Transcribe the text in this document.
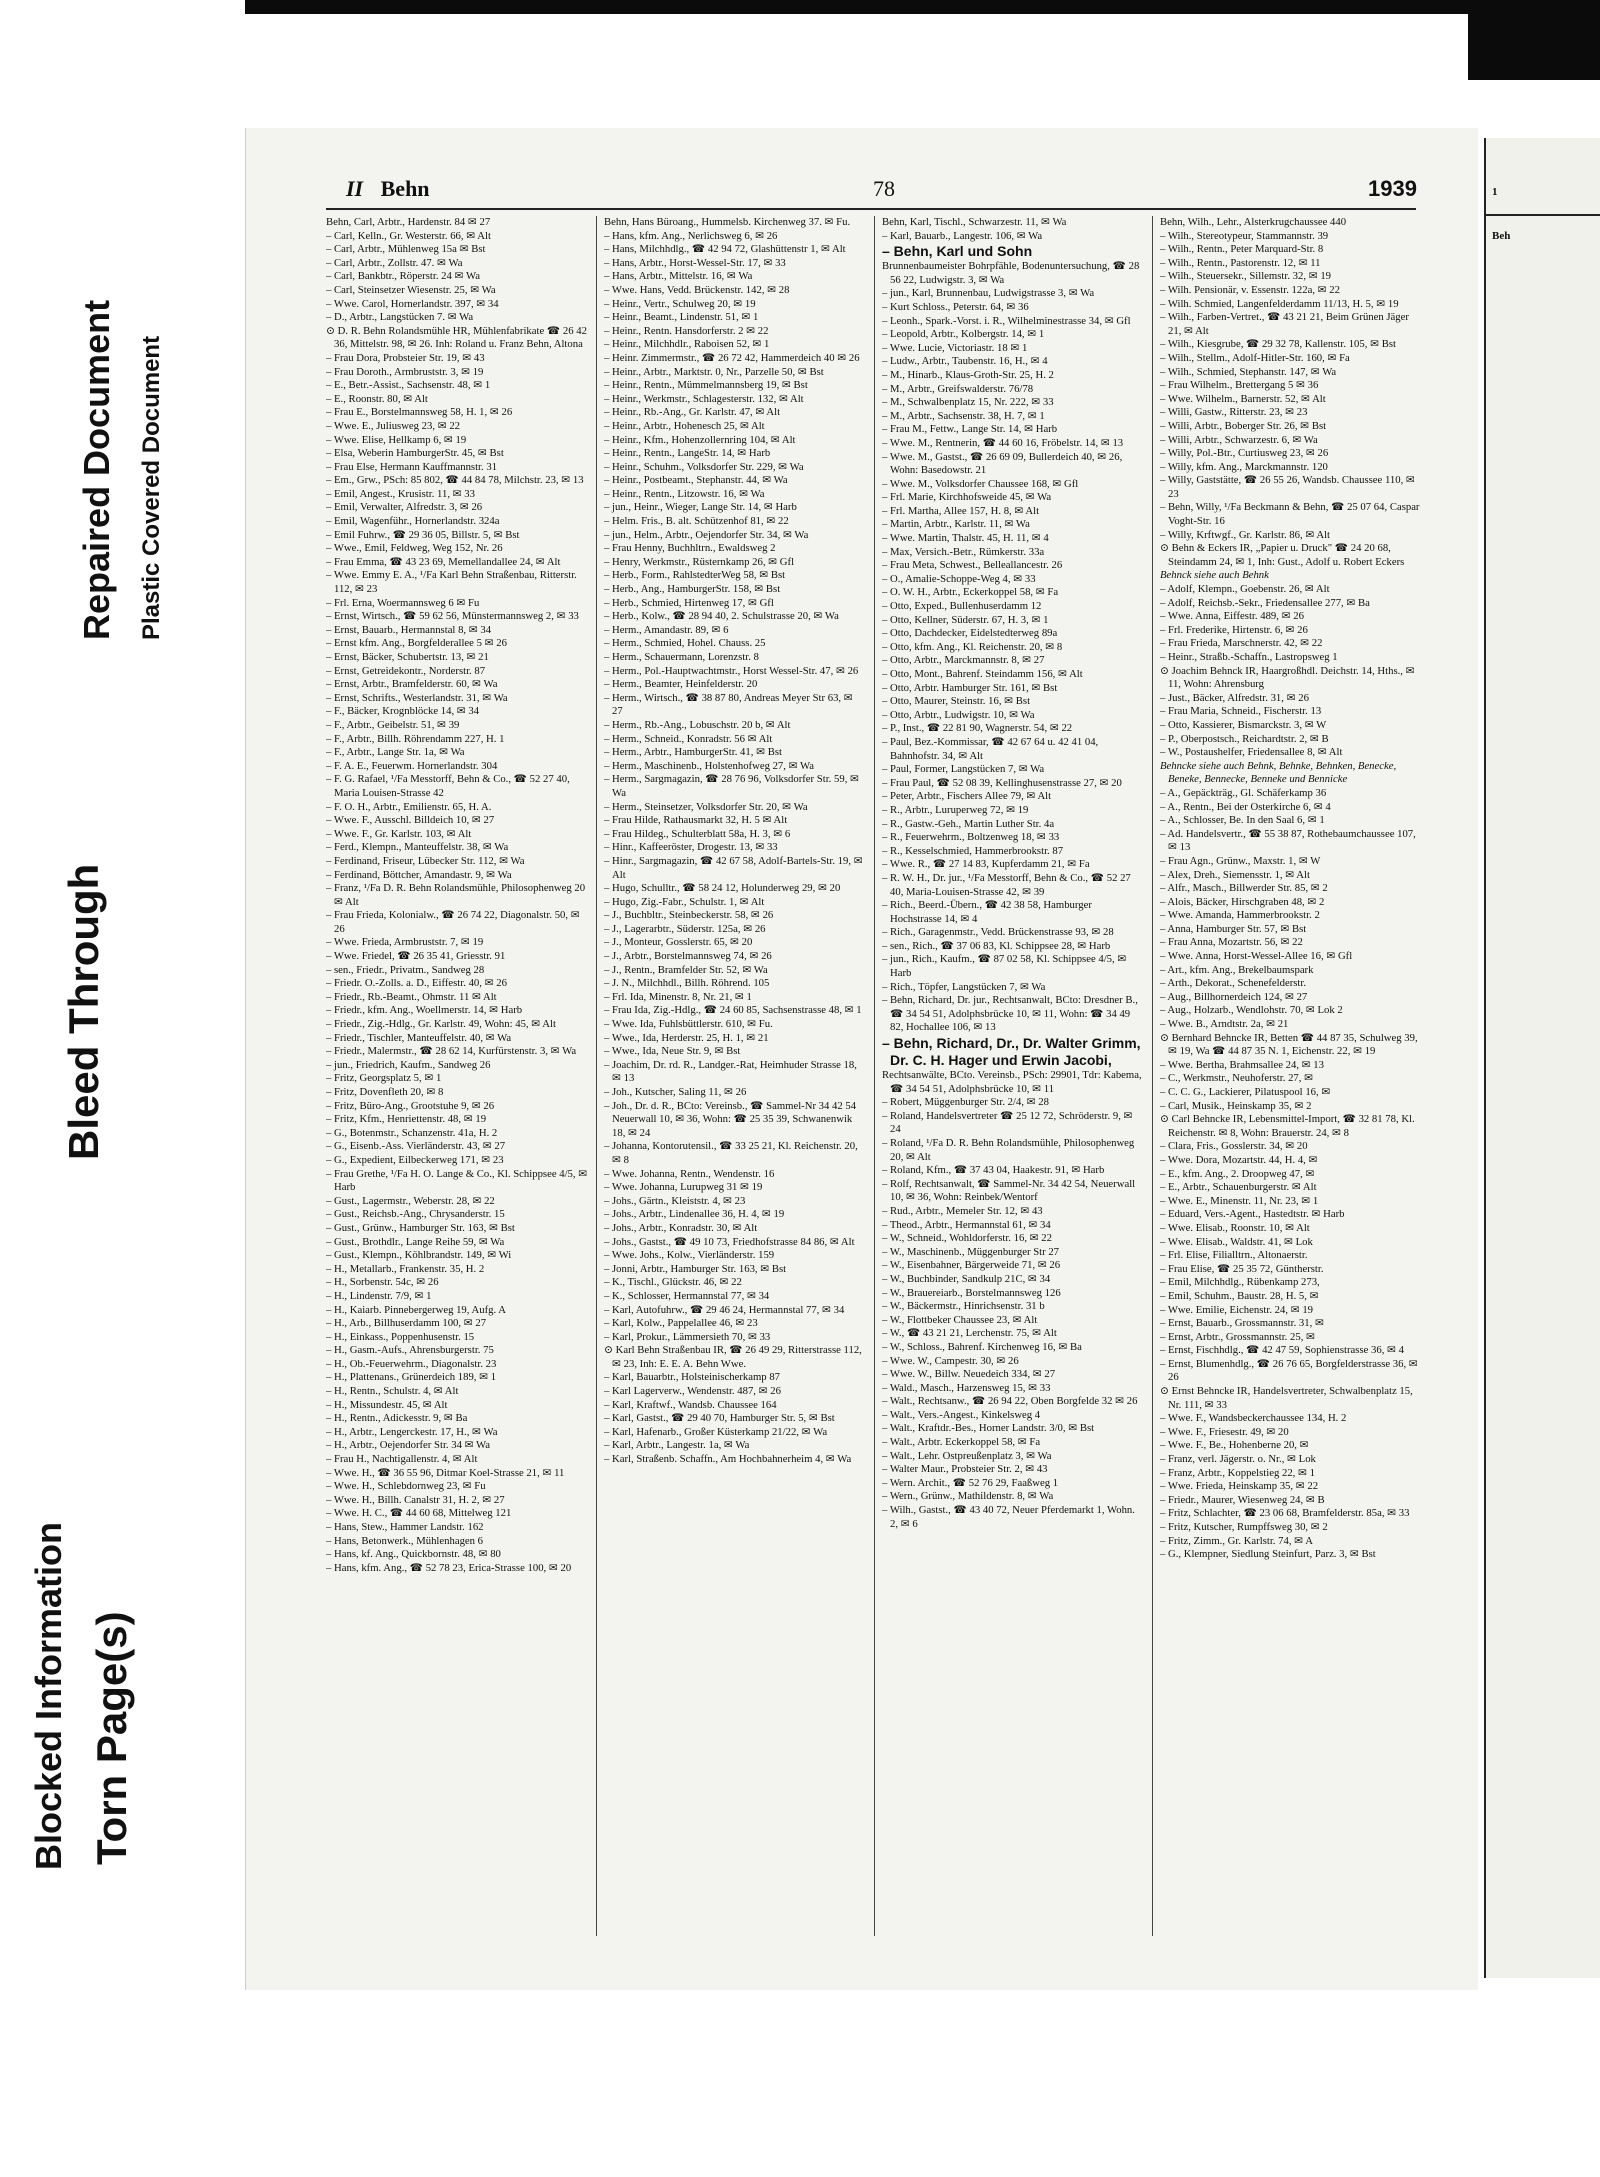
Blocked Information Torn Page(s)
Bleed Through
Repaired Document Plastic Covered Document
II Behn	78	1939

Behn, Carl, Arbtr., Hardenstr. 84 ✉ 27

– Carl, Kelln., Gr. Westerstr. 66, ✉ Alt

– Carl, Arbtr., Mühlenweg 15a ✉ Bst

– Carl, Arbtr., Zollstr. 47. ✉ Wa

– Carl, Bankbtr., Röperstr. 24 ✉ Wa

– Carl, Steinsetzer Wiesenstr. 25, ✉ Wa

– Wwe. Carol, Hornerlandstr. 397, ✉ 34

– D., Arbtr., Langstücken 7. ✉ Wa

⊙ D. R. Behn Rolandsmühle HR, Mühlenfabrikate ☎ 26 42 36, Mittelstr. 98, ✉ 26. Inh: Roland u. Franz Behn, Altona

– Frau Dora, Probsteier Str. 19, ✉ 43

– Frau Doroth., Armbruststr. 3, ✉ 19

– E., Betr.-Assist., Sachsenstr. 48, ✉ 1

– E., Roonstr. 80, ✉ Alt

– Frau E., Borstelmannsweg 58, H. 1, ✉ 26

– Wwe. E., Juliusweg 23, ✉ 22

– Wwe. Elise, Hellkamp 6, ✉ 19

– Elsa, Weberin HamburgerStr. 45, ✉ Bst

– Frau Else, Hermann Kauffmannstr. 31

– Em., Grw., PSch: 85 802, ☎ 44 84 78, Milchstr. 23, ✉ 13

– Emil, Angest., Krusistr. 11, ✉ 33

– Emil, Verwalter, Alfredstr. 3, ✉ 26

– Emil, Wagenführ., Hornerlandstr. 324a

– Emil Fuhrw., ☎ 29 36 05, Billstr. 5, ✉ Bst

– Wwe., Emil, Feldweg, Weg 152, Nr. 26

– Frau Emma, ☎ 43 23 69, Memellandallee 24, ✉ Alt

– Wwe. Emmy E. A., ¹/Fa Karl Behn Straßenbau, Ritterstr. 112, ✉ 23

– Frl. Erna, Woermannsweg 6 ✉ Fu

– Ernst, Wirtsch., ☎ 59 62 56, Münstermannsweg 2, ✉ 33

– Ernst, Bauarb., Hermannstal 8, ✉ 34

– Ernst kfm. Ang., Borgfelderallee 5 ✉ 26

– Ernst, Bäcker, Schubertstr. 13, ✉ 21

– Ernst, Getreidekontr., Norderstr. 87

– Ernst, Arbtr., Bramfelderstr. 60, ✉ Wa

– Ernst, Schrifts., Westerlandstr. 31, ✉ Wa

– F., Bäcker, Krognblöcke 14, ✉ 34

– F., Arbtr., Geibelstr. 51, ✉ 39

– F., Arbtr., Billh. Röhrendamm 227, H. 1

– F., Arbtr., Lange Str. 1a, ✉ Wa

– F. A. E., Feuerwm. Hornerlandstr. 304

– F. G. Rafael, ¹/Fa Messtorff, Behn & Co., ☎ 52 27 40, Maria Louisen-Strasse 42

– F. O. H., Arbtr., Emilienstr. 65, H. A.

– Wwe. F., Ausschl. Billdeich 10, ✉ 27

– Wwe. F., Gr. Karlstr. 103, ✉ Alt

– Ferd., Klempn., Manteuffelstr. 38, ✉ Wa

– Ferdinand, Friseur, Lübecker Str. 112, ✉ Wa

– Ferdinand, Böttcher, Amandastr. 9, ✉ Wa

– Franz, ¹/Fa D. R. Behn Rolandsmühle, Philosophenweg 20 ✉ Alt

– Frau Frieda, Kolonialw., ☎ 26 74 22, Diagonalstr. 50, ✉ 26

– Wwe. Frieda, Armbruststr. 7, ✉ 19

– Wwe. Friedel, ☎ 26 35 41, Griesstr. 91

– sen., Friedr., Privatm., Sandweg 28

– Friedr. O.-Zolls. a. D., Eiffestr. 40, ✉ 26

– Friedr., Rb.-Beamt., Ohmstr. 11 ✉ Alt

– Friedr., kfm. Ang., Woellmerstr. 14, ✉ Harb

– Friedr., Zig.-Hdlg., Gr. Karlstr. 49, Wohn: 45, ✉ Alt

– Friedr., Tischler, Manteuffelstr. 40, ✉ Wa

– Friedr., Malermstr., ☎ 28 62 14, Kurfürstenstr. 3, ✉ Wa

– jun., Friedrich, Kaufm., Sandweg 26

– Fritz, Georgsplatz 5, ✉ 1

– Fritz, Dovenfleth 20, ✉ 8

– Fritz, Büro-Ang., Grootstuhe 9, ✉ 26

– Fritz, Kfm., Henriettenstr. 48, ✉ 19

– G., Botenmstr., Schanzenstr. 41a, H. 2

– G., Eisenb.-Ass. Vierländerstr. 43, ✉ 27

– G., Expedient, Eilbeckerweg 171, ✉ 23

– Frau Grethe, ¹/Fa H. O. Lange & Co., Kl. Schippsee 4/5, ✉ Harb

– Gust., Lagermstr., Weberstr. 28, ✉ 22

– Gust., Reichsb.-Ang., Chrysanderstr. 15

– Gust., Grünw., Hamburger Str. 163, ✉ Bst

– Gust., Brothdlr., Lange Reihe 59, ✉ Wa

– Gust., Klempn., Köhlbrandstr. 149, ✉ Wi

– H., Metallarb., Frankenstr. 35, H. 2

– H., Sorbenstr. 54c, ✉ 26

– H., Lindenstr. 7/9, ✉ 1

– H., Kaiarb. Pinnebergerweg 19, Aufg. A

– H., Arb., Billhuserdamm 100, ✉ 27

– H., Einkass., Poppenhusenstr. 15

– H., Gasm.-Aufs., Ahrensburgerstr. 75

– H., Ob.-Feuerwehrm., Diagonalstr. 23

– H., Plattenans., Grünerdeich 189, ✉ 1

– H., Rentn., Schulstr. 4, ✉ Alt

– H., Missundestr. 45, ✉ Alt

– H., Rentn., Adickesstr. 9, ✉ Ba

– H., Arbtr., Lengerckestr. 17, H., ✉ Wa

– H., Arbtr., Oejendorfer Str. 34 ✉ Wa

– Frau H., Nachtigallenstr. 4, ✉ Alt

– Wwe. H., ☎ 36 55 96, Ditmar Koel-Strasse 21, ✉ 11

– Wwe. H., Schlebdornweg 23, ✉ Fu

– Wwe. H., Billh. Canalstr 31, H. 2, ✉ 27

– Wwe. H. C., ☎ 44 60 68, Mittelweg 121

– Hans, Stew., Hammer Landstr. 162

– Hans, Betonwerk., Mühlenhagen 6

– Hans, kf. Ang., Quickbornstr. 48, ✉ 80

– Hans, kfm. Ang., ☎ 52 78 23, Erica-Strasse 100, ✉ 20

Behn, Hans Büroang., Hummelsb. Kirchenweg 37. ✉ Fu.

– Hans, kfm. Ang., Nerlichsweg 6, ✉ 26

– Hans, Milchhdlg., ☎ 42 94 72, Glashüttenstr 1, ✉ Alt

– Hans, Arbtr., Horst-Wessel-Str. 17, ✉ 33

– Hans, Arbtr., Mittelstr. 16, ✉ Wa

– Wwe. Hans, Vedd. Brückenstr. 142, ✉ 28

– Heinr., Vertr., Schulweg 20, ✉ 19

– Heinr., Beamt., Lindenstr. 51, ✉ 1

– Heinr., Rentn. Hansdorferstr. 2 ✉ 22

– Heinr., Milchhdlr., Raboisen 52, ✉ 1

– Heinr. Zimmermstr., ☎ 26 72 42, Hammerdeich 40 ✉ 26

– Heinr., Arbtr., Marktstr. 0, Nr., Parzelle 50, ✉ Bst

– Heinr., Rentn., Mümmelmannsberg 19, ✉ Bst

– Heinr., Werkmstr., Schlagesterstr. 132, ✉ Alt

– Heinr., Rb.-Ang., Gr. Karlstr. 47, ✉ Alt

– Heinr., Arbtr., Hohenesch 25, ✉ Alt

– Heinr., Kfm., Hohenzollernring 104, ✉ Alt

– Heinr., Rentn., LangeStr. 14, ✉ Harb

– Heinr., Schuhm., Volksdorfer Str. 229, ✉ Wa

– Heinr., Postbeamt., Stephanstr. 44, ✉ Wa

– Heinr., Rentn., Litzowstr. 16, ✉ Wa

– jun., Heinr., Wieger, Lange Str. 14, ✉ Harb

– Helm. Fris., B. alt. Schützenhof 81, ✉ 22

– jun., Helm., Arbtr., Oejendorfer Str. 34, ✉ Wa

– Frau Henny, Buchhltrn., Ewaldsweg 2

– Henry, Werkmstr., Rüsternkamp 26, ✉ Gfl

– Herb., Form., RahlstedterWeg 58, ✉ Bst

– Herb., Ang., HamburgerStr. 158, ✉ Bst

– Herb., Schmied, Hirtenweg 17, ✉ Gfl

– Herb., Kolw., ☎ 28 94 40, 2. Schulstrasse 20, ✉ Wa

– Herm., Amandastr. 89, ✉ 6

– Herm., Schmied, Hohel. Chauss. 25

– Herm., Schauermann, Lorenzstr. 8

– Herm., Pol.-Hauptwachtmstr., Horst Wessel-Str. 47, ✉ 26

– Herm., Beamter, Heinfelderstr. 20

– Herm., Wirtsch., ☎ 38 87 80, Andreas Meyer Str 63, ✉ 27

– Herm., Rb.-Ang., Lobuschstr. 20 b, ✉ Alt

– Herm., Schneid., Konradstr. 56 ✉ Alt

– Herm., Arbtr., HamburgerStr. 41, ✉ Bst

– Herm., Maschinenb., Holstenhofweg 27, ✉ Wa

– Herm., Sargmagazin, ☎ 28 76 96, Volksdorfer Str. 59, ✉ Wa

– Herm., Steinsetzer, Volksdorfer Str. 20, ✉ Wa

– Frau Hilde, Rathausmarkt 32, H. 5 ✉ Alt

– Frau Hildeg., Schulterblatt 58a, H. 3, ✉ 6

– Hinr., Kaffeeröster, Drogestr. 13, ✉ 33

– Hinr., Sargmagazin, ☎ 42 67 58, Adolf-Bartels-Str. 19, ✉ Alt

– Hugo, Schulltr., ☎ 58 24 12, Holunderweg 29, ✉ 20

– Hugo, Zig.-Fabr., Schulstr. 1, ✉ Alt

– J., Buchbltr., Steinbeckerstr. 58, ✉ 26

– J., Lagerarbtr., Süderstr. 125a, ✉ 26

– J., Monteur, Gosslerstr. 65, ✉ 20

– J., Arbtr., Borstelmannsweg 74, ✉ 26

– J., Rentn., Bramfelder Str. 52, ✉ Wa

– J. N., Milchhdl., Billh. Röhrend. 105

– Frl. Ida, Minenstr. 8, Nr. 21, ✉ 1

– Frau Ida, Zig.-Hdlg., ☎ 24 60 85, Sachsenstrasse 48, ✉ 1

– Wwe. Ida, Fuhlsbüttlerstr. 610, ✉ Fu.

– Wwe., Ida, Herderstr. 25, H. 1, ✉ 21

– Wwe., Ida, Neue Str. 9, ✉ Bst

– Joachim, Dr. rd. R., Landger.-Rat, Heimhuder Strasse 18, ✉ 13

– Joh., Kutscher, Saling 11, ✉ 26

– Joh., Dr. d. R., BCto: Vereinsb., ☎ Sammel-Nr 34 42 54 Neuerwall 10, ✉ 36, Wohn: ☎ 25 35 39, Schwanenwik 18, ✉ 24

– Johanna, Kontorutensil., ☎ 33 25 21, Kl. Reichenstr. 20, ✉ 8

– Wwe. Johanna, Rentn., Wendenstr. 16

– Wwe. Johanna, Lurupweg 31 ✉ 19

– Johs., Gärtn., Kleiststr. 4, ✉ 23

– Johs., Arbtr., Lindenallee 36, H. 4, ✉ 19

– Johs., Arbtr., Konradstr. 30, ✉ Alt

– Johs., Gastst., ☎ 49 10 73, Friedhofstrasse 84 86, ✉ Alt

– Wwe. Johs., Kolw., Vierländerstr. 159

– Jonni, Arbtr., Hamburger Str. 163, ✉ Bst

– K., Tischl., Glückstr. 46, ✉ 22

– K., Schlosser, Hermannstal 77, ✉ 34

– Karl, Autofuhrw., ☎ 29 46 24, Hermannstal 77, ✉ 34

– Karl, Kolw., Pappelallee 46, ✉ 23

– Karl, Prokur., Lämmersieth 70, ✉ 33

⊙ Karl Behn Straßenbau IR, ☎ 26 49 29, Ritterstrasse 112, ✉ 23, Inh: E. E. A. Behn Wwe.

– Karl, Bauarbtr., Holsteinischerkamp 87

– Karl Lagerverw., Wendenstr. 487, ✉ 26

– Karl, Kraftwf., Wandsb. Chaussee 164

– Karl, Gastst., ☎ 29 40 70, Hamburger Str. 5, ✉ Bst

– Karl, Hafenarb., Großer Küsterkamp 21/22, ✉ Wa

– Karl, Arbtr., Langestr. 1a, ✉ Wa

– Karl, Straßenb. Schaffn., Am Hochbahnerheim 4, ✉ Wa

Behn, Karl, Tischl., Schwarzestr. 11, ✉ Wa

– Karl, Bauarb., Langestr. 106, ✉ Wa

– Behn, Karl und Sohn

Brunnenbaumeister Bohrpfähle, Bodenuntersuchung, ☎ 28 56 22, Ludwigstr. 3, ✉ Wa

– jun., Karl, Brunnenbau, Ludwigstrasse 3, ✉ Wa

– Kurt Schloss., Peterstr. 64, ✉ 36

– Leonh., Spark.-Vorst. i. R., Wilhelminestrasse 34, ✉ Gfl

– Leopold, Arbtr., Kolbergstr. 14, ✉ 1

– Wwe. Lucie, Victoriastr. 18 ✉ 1

– Ludw., Arbtr., Taubenstr. 16, H., ✉ 4

– M., Hinarb., Klaus-Groth-Str. 25, H. 2

– M., Arbtr., Greifswalderstr. 76/78

– M., Schwalbenplatz 15, Nr. 222, ✉ 33

– M., Arbtr., Sachsenstr. 38, H. 7, ✉ 1

– Frau M., Fettw., Lange Str. 14, ✉ Harb

– Wwe. M., Rentnerin, ☎ 44 60 16, Fröbelstr. 14, ✉ 13

– Wwe. M., Gastst., ☎ 26 69 09, Bullerdeich 40, ✉ 26, Wohn: Basedowstr. 21

– Wwe. M., Volksdorfer Chaussee 168, ✉ Gfl

– Frl. Marie, Kirchhofsweide 45, ✉ Wa

– Frl. Martha, Allee 157, H. 8, ✉ Alt

– Martin, Arbtr., Karlstr. 11, ✉ Wa

– Wwe. Martin, Thalstr. 45, H. 11, ✉ 4

– Max, Versich.-Betr., Rümkerstr. 33a

– Frau Meta, Schwest., Belleallancestr. 26

– O., Amalie-Schoppe-Weg 4, ✉ 33

– O. W. H., Arbtr., Eckerkoppel 58, ✉ Fa

– Otto, Exped., Bullenhuserdamm 12

– Otto, Kellner, Süderstr. 67, H. 3, ✉ 1

– Otto, Dachdecker, Eidelstedterweg 89a

– Otto, kfm. Ang., Kl. Reichenstr. 20, ✉ 8

– Otto, Arbtr., Marckmannstr. 8, ✉ 27

– Otto, Mont., Bahrenf. Steindamm 156, ✉ Alt

– Otto, Arbtr. Hamburger Str. 161, ✉ Bst

– Otto, Maurer, Steinstr. 16, ✉ Bst

– Otto, Arbtr., Ludwigstr. 10, ✉ Wa

– P., Inst., ☎ 22 81 90, Wagnerstr. 54, ✉ 22

– Paul, Bez.-Kommissar, ☎ 42 67 64 u. 42 41 04, Bahnhofstr. 34, ✉ Alt

– Paul, Former, Langstücken 7, ✉ Wa

– Frau Paul, ☎ 52 08 39, Kellinghusenstrasse 27, ✉ 20

– Peter, Arbtr., Fischers Allee 79, ✉ Alt

– R., Arbtr., Luruperweg 72, ✉ 19

– R., Gastw.-Geh., Martin Luther Str. 4a

– R., Feuerwehrm., Boltzenweg 18, ✉ 33

– R., Kesselschmied, Hammerbrookstr. 87

– Wwe. R., ☎ 27 14 83, Kupferdamm 21, ✉ Fa

– R. W. H., Dr. jur., ¹/Fa Messtorff, Behn & Co., ☎ 52 27 40, Maria-Louisen-Strasse 42, ✉ 39

– Rich., Beerd.-Übern., ☎ 42 38 58, Hamburger Hochstrasse 14, ✉ 4

– Rich., Garagenmstr., Vedd. Brückenstrasse 93, ✉ 28

– sen., Rich., ☎ 37 06 83, Kl. Schippsee 28, ✉ Harb

– jun., Rich., Kaufm., ☎ 87 02 58, Kl. Schippsee 4/5, ✉ Harb

– Rich., Töpfer, Langstücken 7, ✉ Wa

– Behn, Richard, Dr. jur., Rechtsanwalt, BCto: Dresdner B., ☎ 34 54 51, Adolphsbrücke 10, ✉ 11, Wohn: ☎ 34 49 82, Hochallee 106, ✉ 13

– Behn, Richard, Dr., Dr. Walter Grimm, Dr. C. H. Hager und Erwin Jacobi,

Rechtsanwälte, BCto. Vereinsb., PSch: 29901, Tdr: Kabema, ☎ 34 54 51, Adolphsbrücke 10, ✉ 11

– Robert, Müggenburger Str. 2/4, ✉ 28

– Roland, Handelsvertreter ☎ 25 12 72, Schröderstr. 9, ✉ 24

– Roland, ¹/Fa D. R. Behn Rolandsmühle, Philosophenweg 20, ✉ Alt

– Roland, Kfm., ☎ 37 43 04, Haakestr. 91, ✉ Harb

– Rolf, Rechtsanwalt, ☎ Sammel-Nr. 34 42 54, Neuerwall 10, ✉ 36, Wohn: Reinbek/Wentorf

– Rud., Arbtr., Memeler Str. 12, ✉ 43

– Theod., Arbtr., Hermannstal 61, ✉ 34

– W., Schneid., Wohldorferstr. 16, ✉ 22

– W., Maschinenb., Müggenburger Str 27

– W., Eisenbahner, Bärgerweide 71, ✉ 26

– W., Buchbinder, Sandkulp 21C, ✉ 34

– W., Brauereiarb., Borstelmannsweg 126

– W., Bäckermstr., Hinrichsenstr. 31 b

– W., Flottbeker Chaussee 23, ✉ Alt

– W., ☎ 43 21 21, Lerchenstr. 75, ✉ Alt

– W., Schloss., Bahrenf. Kirchenweg 16, ✉ Ba

– Wwe. W., Campestr. 30, ✉ 26

– Wwe. W., Billw. Neuedeich 334, ✉ 27

– Wald., Masch., Harzensweg 15, ✉ 33

– Walt., Rechtsanw., ☎ 26 94 22, Oben Borgfelde 32 ✉ 26

– Walt., Vers.-Angest., Kinkelsweg 4

– Walt., Kraftdr.-Bes., Horner Landstr. 3/0, ✉ Bst

– Walt., Arbtr. Eckerkoppel 58, ✉ Fa

– Walt., Lehr. Ostpreußenplatz 3, ✉ Wa

– Walter Maur., Probsteier Str. 2, ✉ 43

– Wern. Archit., ☎ 52 76 29, Faaßweg 1

– Wern., Grünw., Mathildenstr. 8, ✉ Wa

– Wilh., Gastst., ☎ 43 40 72, Neuer Pferdemarkt 1, Wohn. 2, ✉ 6

Behn, Wilh., Lehr., Alsterkrugchaussee 440

– Wilh., Stereotypeur, Stammannstr. 39

– Wilh., Rentn., Peter Marquard-Str. 8

– Wilh., Rentn., Pastorenstr. 12, ✉ 11

– Wilh., Steuersekr., Sillemstr. 32, ✉ 19

– Wilh. Pensionär, v. Essenstr. 122a, ✉ 22

– Wilh. Schmied, Langenfelderdamm 11/13, H. 5, ✉ 19

– Wilh., Farben-Vertret., ☎ 43 21 21, Beim Grünen Jäger 21, ✉ Alt

– Wilh., Kiesgrube, ☎ 29 32 78, Kallenstr. 105, ✉ Bst

– Wilh., Stellm., Adolf-Hitler-Str. 160, ✉ Fa

– Wilh., Schmied, Stephanstr. 147, ✉ Wa

– Frau Wilhelm., Brettergang 5 ✉ 36

– Wwe. Wilhelm., Barnerstr. 52, ✉ Alt

– Willi, Gastw., Ritterstr. 23, ✉ 23

– Willi, Arbtr., Boberger Str. 26, ✉ Bst

– Willi, Arbtr., Schwarzestr. 6, ✉ Wa

– Willy, Pol.-Btr., Curtiusweg 23, ✉ 26

– Willy, kfm. Ang., Marckmannstr. 120

– Willy, Gaststätte, ☎ 26 55 26, Wandsb. Chaussee 110, ✉ 23

– Behn, Willy, ¹/Fa Beckmann & Behn, ☎ 25 07 64, Caspar Voght-Str. 16

– Willy, Krftwgf., Gr. Karlstr. 86, ✉ Alt

⊙ Behn & Eckers IR, „Papier u. Druck" ☎ 24 20 68, Steindamm 24, ✉ 1, Inh: Gust., Adolf u. Robert Eckers

Behnck siehe auch Behnk

– Adolf, Klempn., Goebenstr. 26, ✉ Alt

– Adolf, Reichsb.-Sekr., Friedensallee 277, ✉ Ba

– Wwe. Anna, Eiffestr. 489, ✉ 26

– Frl. Frederike, Hirtenstr. 6, ✉ 26

– Frau Frieda, Marschnerstr. 42, ✉ 22

– Heinr., Straßb.-Schaffn., Lastropsweg 1

⊙ Joachim Behnck IR, Haargroßhdl. Deichstr. 14, Hths., ✉ 11, Wohn: Ahrensburg

– Just., Bäcker, Alfredstr. 31, ✉ 26

– Frau Maria, Schneid., Fischerstr. 13

– Otto, Kassierer, Bismarckstr. 3, ✉ W

– P., Oberpostsch., Reichardtstr. 2, ✉ B

– W., Postaushelfer, Friedensallee 8, ✉ Alt

Behncke siehe auch Behnk, Behnke, Behnken, Benecke, Beneke, Bennecke, Benneke und Bennicke

– A., Gepäckträg., Gl. Schäferkamp 36

– A., Rentn., Bei der Osterkirche 6, ✉ 4

– A., Schlosser, Be. In den Saal 6, ✉ 1

– Ad. Handelsvertr., ☎ 55 38 87, Rothebaumchaussee 107, ✉ 13

– Frau Agn., Grünw., Maxstr. 1, ✉ W

– Alex, Dreh., Siemensstr. 1, ✉ Alt

– Alfr., Masch., Billwerder Str. 85, ✉ 2

– Alois, Bäcker, Hirschgraben 48, ✉ 2

– Wwe. Amanda, Hammerbrookstr. 2

– Anna, Hamburger Str. 57, ✉ Bst

– Frau Anna, Mozartstr. 56, ✉ 22

– Wwe. Anna, Horst-Wessel-Allee 16, ✉ Gfl

– Art., kfm. Ang., Brekelbaumspark

– Arth., Dekorat., Schenefelderstr.

– Aug., Billhornerdeich 124, ✉ 27

– Aug., Holzarb., Wendlohstr. 70, ✉ Lok 2

– Wwe. B., Arndtstr. 2a, ✉ 21

⊙ Bernhard Behncke IR, Betten ☎ 44 87 35, Schulweg 39, ✉ 19, Wa ☎ 44 87 35 N. 1, Eichenstr. 22, ✉ 19

– Wwe. Bertha, Brahmsallee 24, ✉ 13

– C., Werkmstr., Neuhoferstr. 27, ✉

– C. C. G., Lackierer, Pilatuspool 16, ✉

– Carl, Musik., Heinskamp 35, ✉ 2

⊙ Carl Behncke IR, Lebensmittel-Import, ☎ 32 81 78, Kl. Reichenstr. ✉ 8, Wohn: Brauerstr. 24, ✉ 8

– Clara, Fris., Gosslerstr. 34, ✉ 20

– Wwe. Dora, Mozartstr. 44, H. 4, ✉

– E., kfm. Ang., 2. Droopweg 47, ✉

– E., Arbtr., Schauenburgerstr. ✉ Alt

– Wwe. E., Minenstr. 11, Nr. 23, ✉ 1

– Eduard, Vers.-Agent., Hastedtstr. ✉ Harb

– Wwe. Elisab., Roonstr. 10, ✉ Alt

– Wwe. Elisab., Waldstr. 41, ✉ Lok

– Frl. Elise, Filialltrn., Altonaerstr.

– Frau Elise, ☎ 25 35 72, Güntherstr.

– Emil, Milchhdlg., Rübenkamp 273,

– Emil, Schuhm., Baustr. 28, H. 5, ✉

– Wwe. Emilie, Eichenstr. 24, ✉ 19

– Ernst, Bauarb., Grossmannstr. 31, ✉

– Ernst, Arbtr., Grossmannstr. 25, ✉

– Ernst, Fischhdlg., ☎ 42 47 59, Sophienstrasse 36, ✉ 4

– Ernst, Blumenhdlg., ☎ 26 76 65, Borgfelderstrasse 36, ✉ 26

⊙ Ernst Behncke IR, Handelsvertreter, Schwalbenplatz 15, Nr. 111, ✉ 33

– Wwe. F., Wandsbeckerchaussee 134, H. 2

– Wwe. F., Friesestr. 49, ✉ 20

– Wwe. F., Be., Hohenberne 20, ✉

– Franz, verl. Jägerstr. o. Nr., ✉ Lok

– Franz, Arbtr., Koppelstieg 22, ✉ 1

– Wwe. Frieda, Heinskamp 35, ✉ 22

– Friedr., Maurer, Wiesenweg 24, ✉ B

– Fritz, Schlachter, ☎ 23 06 68, Bramfelderstr. 85a, ✉ 33

– Fritz, Kutscher, Rumpffsweg 30, ✉ 2

– Fritz, Zimm., Gr. Karlstr. 74, ✉ A

– G., Klempner, Siedlung Steinfurt, Parz. 3, ✉ Bst

1
Beh
